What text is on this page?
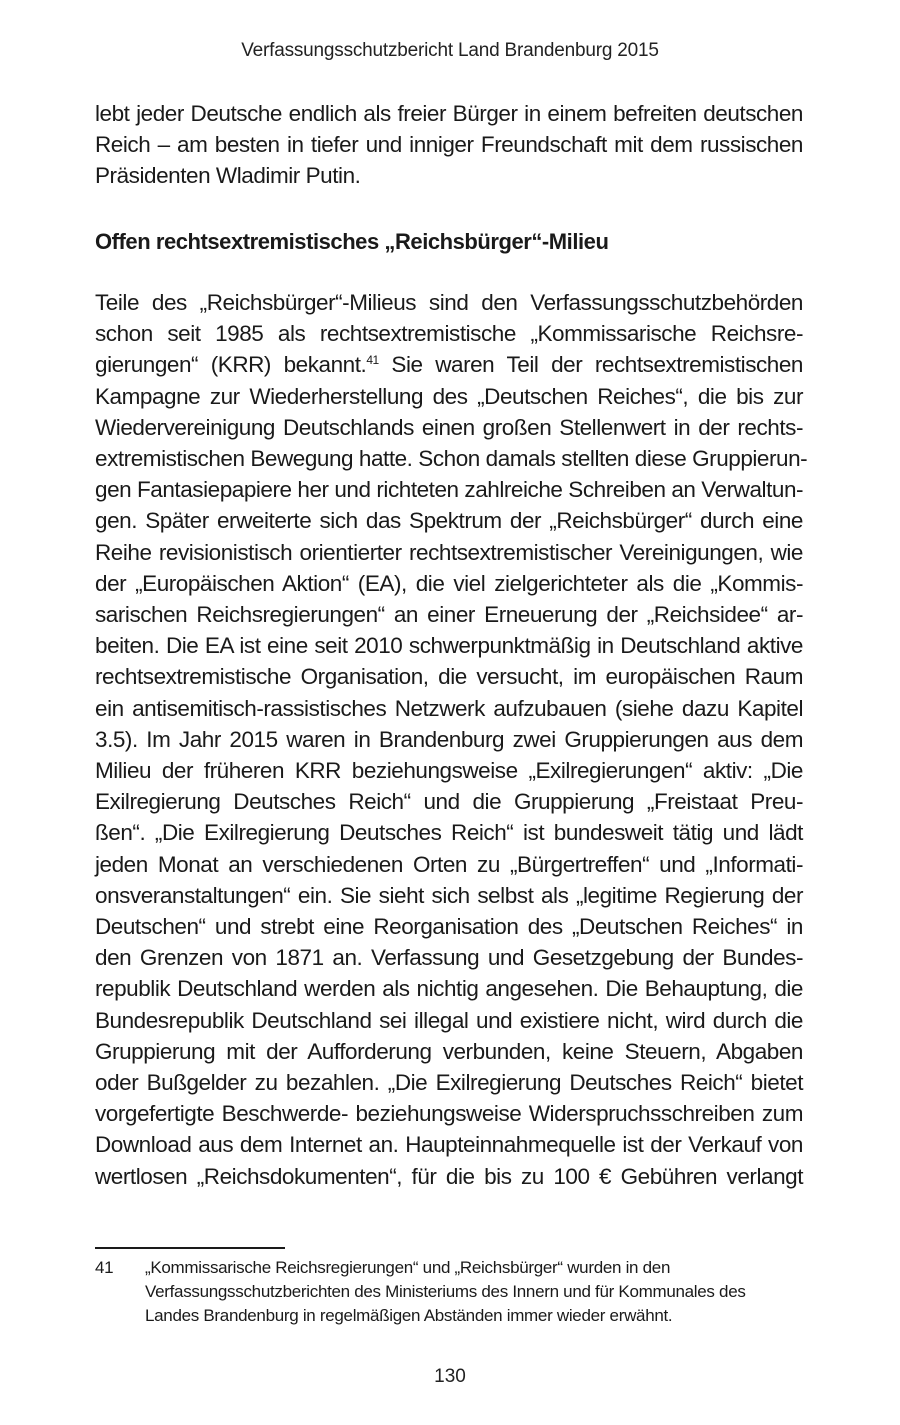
Verfassungsschutzbericht Land Brandenburg 2015

lebt jeder Deutsche endlich als freier Bürger in einem befreiten deutschen
Reich – am besten in tiefer und inniger Freundschaft mit dem russischen
Präsidenten Wladimir Putin.

Offen rechtsextremistisches „Reichsbürger“-Milieu

Teile des „Reichsbürger“-Milieus sind den Verfassungsschutzbehörden
schon seit 1985 als rechtsextremistische „Kommissarische Reichsre-
gierungen“ (KRR) bekannt.$^{41}$ Sie waren Teil der rechtsextremistischen
Kampagne zur Wiederherstellung des „Deutschen Reiches“, die bis zur
Wiedervereinigung Deutschlands einen großen Stellenwert in der rechts-
extremistischen Bewegung hatte. Schon damals stellten diese Gruppierun-
gen Fantasiepapiere her und richteten zahlreiche Schreiben an Verwaltun-
gen. Später erweiterte sich das Spektrum der „Reichsbürger“ durch eine
Reihe revisionistisch orientierter rechtsextremistischer Vereinigungen, wie
der „Europäischen Aktion“ (EA), die viel zielgerichteter als die „Kommis-
sarischen Reichsregierungen“ an einer Erneuerung der „Reichsidee“ ar-
beiten. Die EA ist eine seit 2010 schwerpunktmäßig in Deutschland aktive
rechtsextremistische Organisation, die versucht, im europäischen Raum
ein antisemitisch-rassistisches Netzwerk aufzubauen (siehe dazu Kapitel
3.5). Im Jahr 2015 waren in Brandenburg zwei Gruppierungen aus dem
Milieu der früheren KRR beziehungsweise „Exilregierungen“ aktiv: „Die
Exilregierung Deutsches Reich“ und die Gruppierung „Freistaat Preu-
ßen“. „Die Exilregierung Deutsches Reich“ ist bundesweit tätig und lädt
jeden Monat an verschiedenen Orten zu „Bürgertreffen“ und „Informati-
onsveranstaltungen“ ein. Sie sieht sich selbst als „legitime Regierung der
Deutschen“ und strebt eine Reorganisation des „Deutschen Reiches“ in
den Grenzen von 1871 an. Verfassung und Gesetzgebung der Bundes-
republik Deutschland werden als nichtig angesehen. Die Behauptung, die
Bundesrepublik Deutschland sei illegal und existiere nicht, wird durch die
Gruppierung mit der Aufforderung verbunden, keine Steuern, Abgaben
oder Bußgelder zu bezahlen. „Die Exilregierung Deutsches Reich“ bietet
vorgefertigte Beschwerde- beziehungsweise Widerspruchsschreiben zum
Download aus dem Internet an. Haupteinnahmequelle ist der Verkauf von
wertlosen „Reichsdokumenten“, für die bis zu 100 € Gebühren verlangt

41 „Kommissarische Reichsregierungen“ und „Reichsbürger“ wurden in den
Verfassungsschutzberichten des Ministeriums des Innern und für Kommunales des
Landes Brandenburg in regelmäßigen Abständen immer wieder erwähnt.
130
